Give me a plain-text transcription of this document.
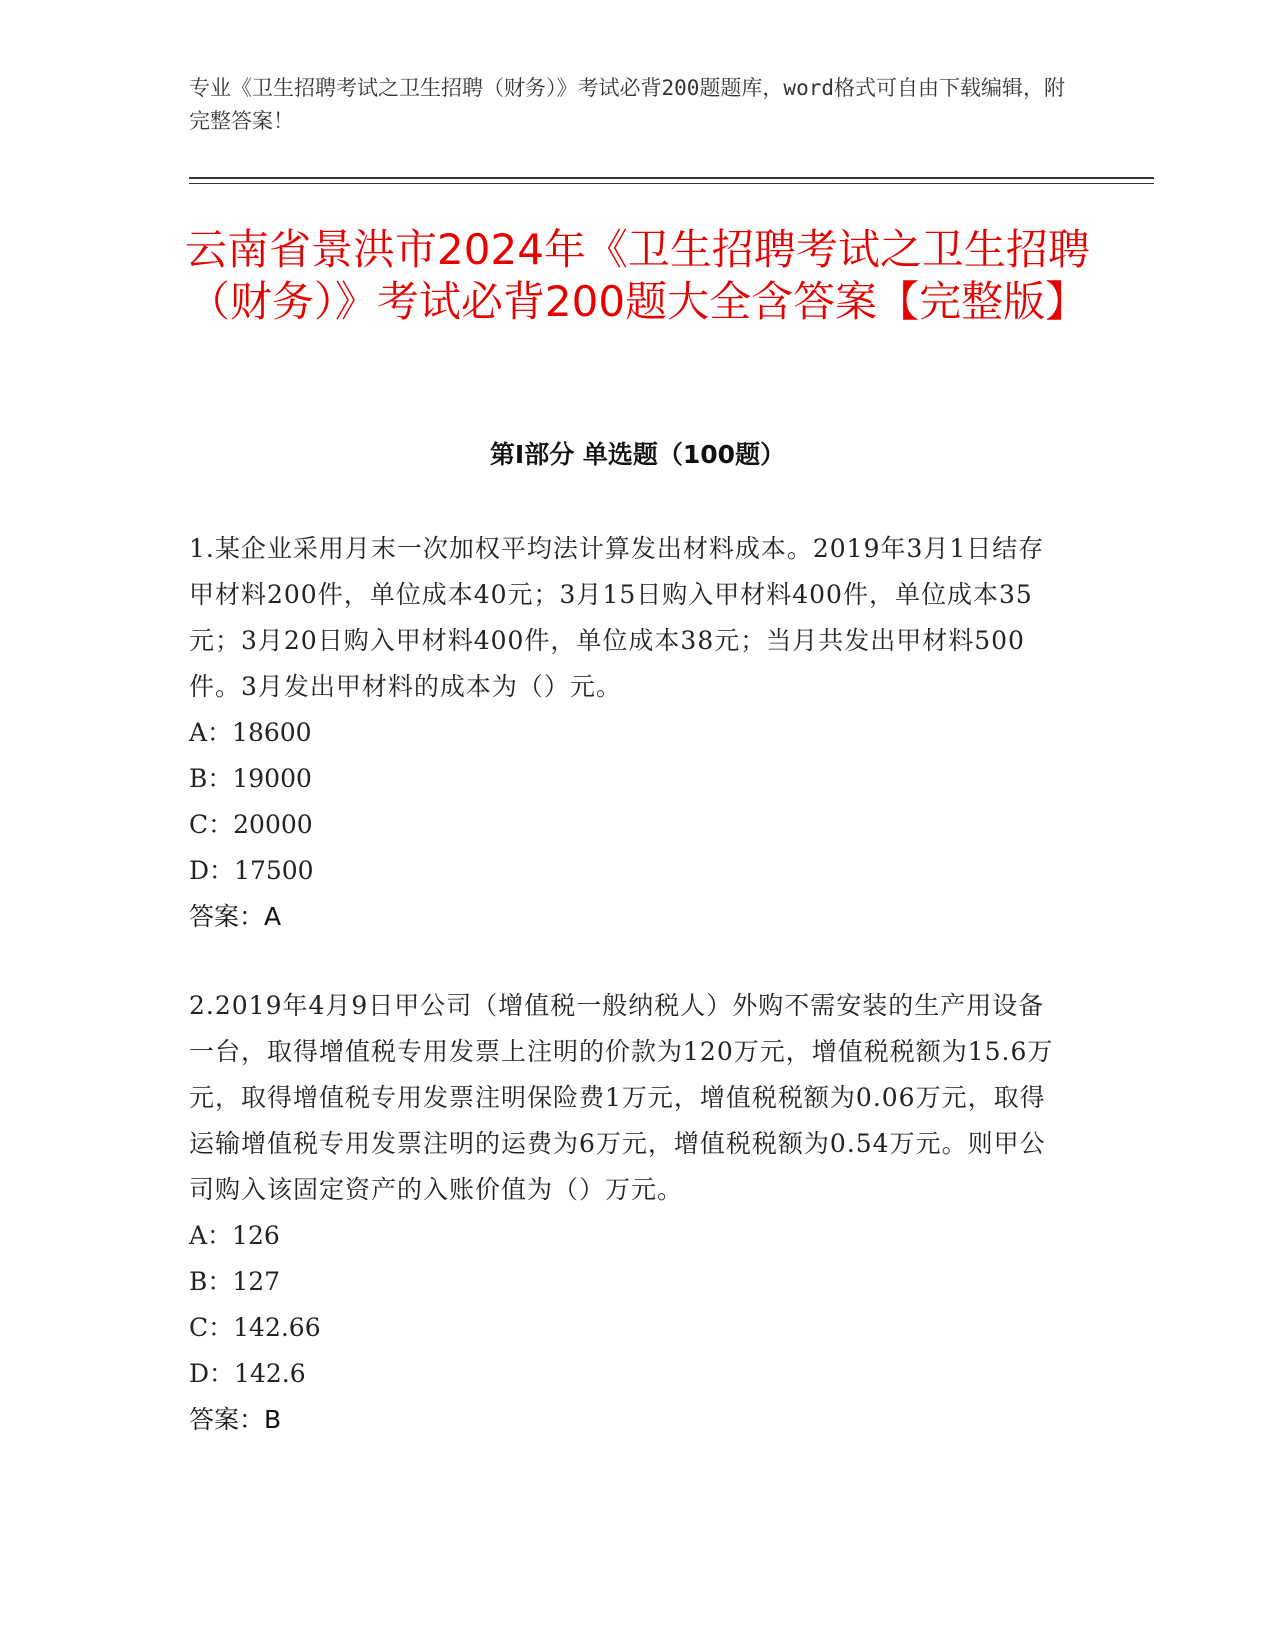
专业《卫生招聘考试之卫生招聘（财务）》考试必背200题题库，word格式可自由下载编辑，附完整答案！
云南省景洪市2024年《卫生招聘考试之卫生招聘（财务）》考试必背200题大全含答案【完整版】
第I部分 单选题（100题）

1.某企业采用月末一次加权平均法计算发出材料成本。2019年3月1日结存甲材料200件，单位成本40元；3月15日购入甲材料400件，单位成本35元；3月20日购入甲材料400件，单位成本38元；当月共发出甲材料500件。3月发出甲材料的成本为（）元。

A：18600

B：19000

C：20000

D：17500

答案：A

2.2019年4月9日甲公司（增值税一般纳税人）外购不需安装的生产用设备一台，取得增值税专用发票上注明的价款为120万元，增值税税额为15.6万元，取得增值税专用发票注明保险费1万元，增值税税额为0.06万元，取得运输增值税专用发票注明的运费为6万元，增值税税额为0.54万元。则甲公司购入该固定资产的入账价值为（）万元。

A：126

B：127

C：142.66

D：142.6

答案：B
